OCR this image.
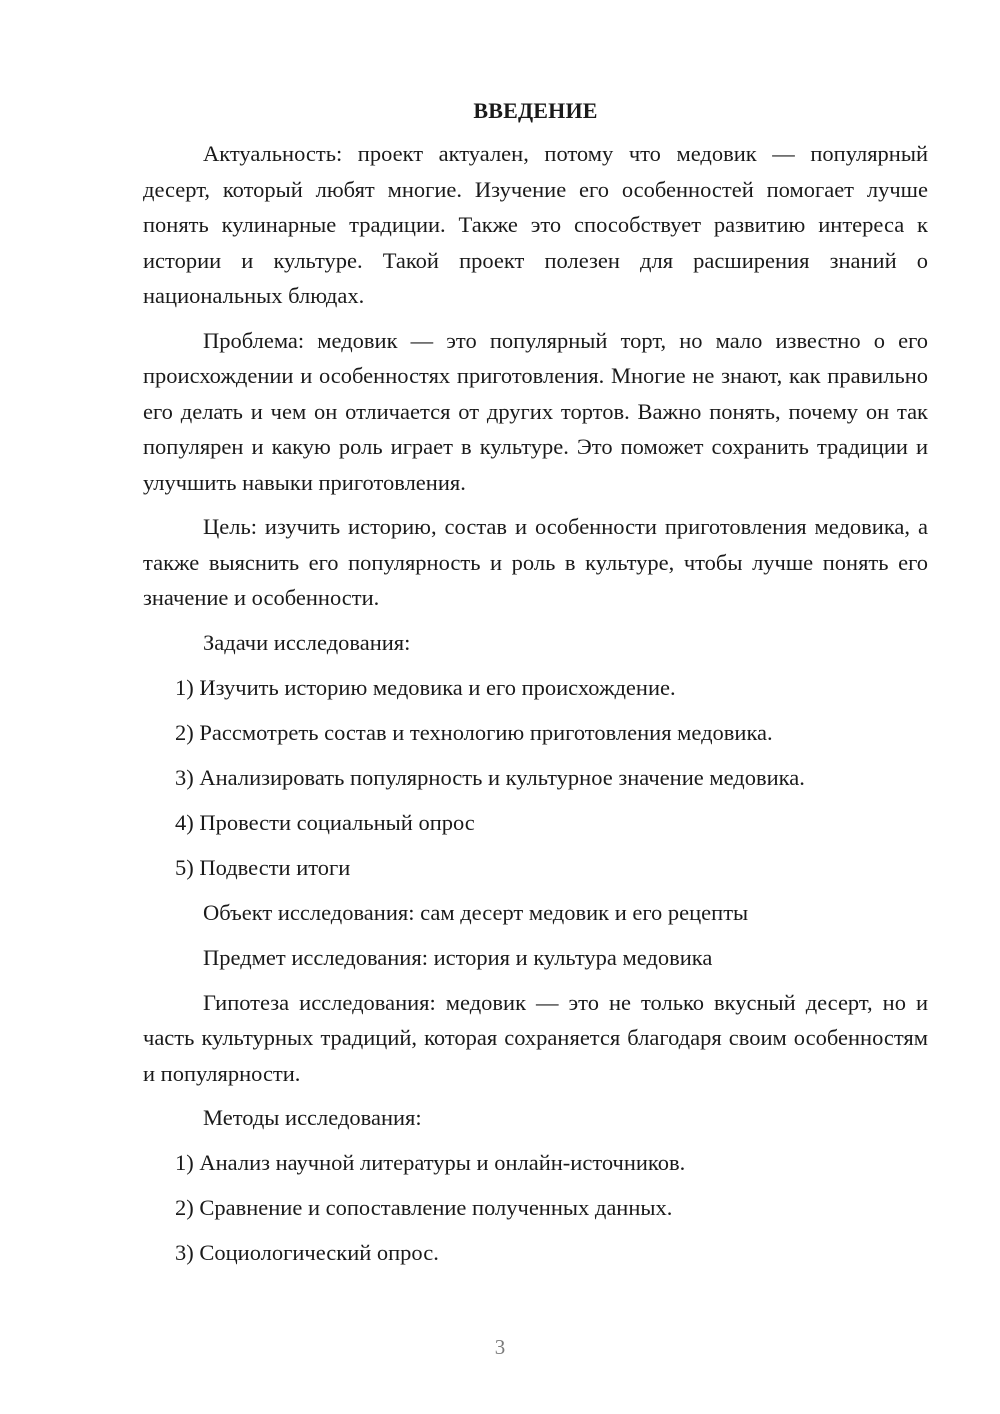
ВВЕДЕНИЕ

Актуальность: проект актуален, потому что медовик — популярный десерт, который любят многие. Изучение его особенностей помогает лучше понять кулинарные традиции. Также это способствует развитию интереса к истории и культуре. Такой проект полезен для расширения знаний о национальных блюдах.

Проблема: медовик — это популярный торт, но мало известно о его происхождении и особенностях приготовления. Многие не знают, как правильно его делать и чем он отличается от других тортов. Важно понять, почему он так популярен и какую роль играет в культуре. Это поможет сохранить традиции и улучшить навыки приготовления.

Цель: изучить историю, состав и особенности приготовления медовика, а также выяснить его популярность и роль в культуре, чтобы лучше понять его значение и особенности.

Задачи исследования:
1) Изучить историю медовика и его происхождение.
2) Рассмотреть состав и технологию приготовления медовика.
3) Анализировать популярность и культурное значение медовика.
4) Провести социальный опрос
5) Подвести итоги
Объект исследования: сам десерт медовик и его рецепты
Предмет исследования: история и культура медовика

Гипотеза исследования: медовик — это не только вкусный десерт, но и часть культурных традиций, которая сохраняется благодаря своим особенностям и популярности.

Методы исследования:
1) Анализ научной литературы и онлайн-источников.
2) Сравнение и сопоставление полученных данных.
3) Социологический опрос.
3
